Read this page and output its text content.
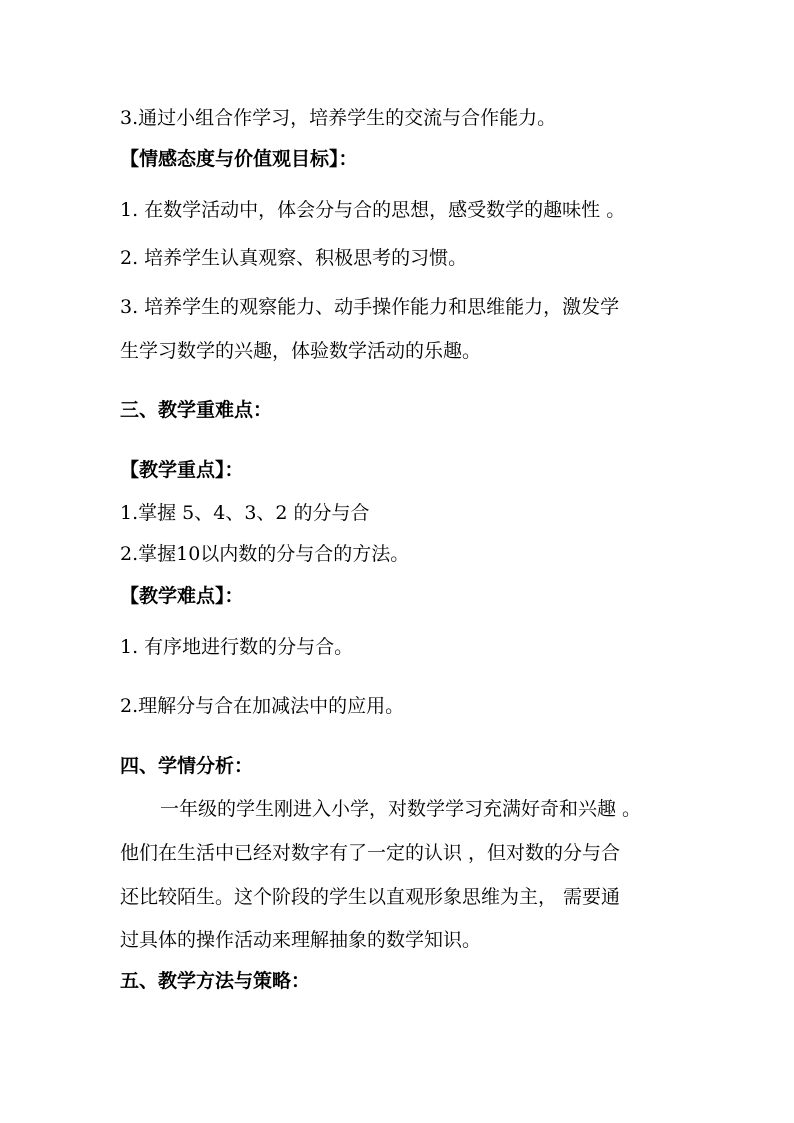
3.通过小组合作学习，培养学生的交流与合作能力。
【情感态度与价值观目标】：
1. 在数学活动中，体会分与合的思想，感受数学的趣味性 。
2. 培养学生认真观察、积极思考的习惯。
3. 培养学生的观察能力、动手操作能力和思维能力，激发学
生学习数学的兴趣，体验数学活动的乐趣。
三、教学重难点：
【教学重点】：
1.掌握 5、4、3、2 的分与合
2.掌握10以内数的分与合的方法。
【教学难点】：
1. 有序地进行数的分与合。
2.理解分与合在加减法中的应用。
四、学情分析：
一年级的学生刚进入小学，对数学学习充满好奇和兴趣 。
他们在生活中已经对数字有了一定的认识 ，但对数的分与合
还比较陌生。这个阶段的学生以直观形象思维为主， 需要通
过具体的操作活动来理解抽象的数学知识。
五、教学方法与策略：
